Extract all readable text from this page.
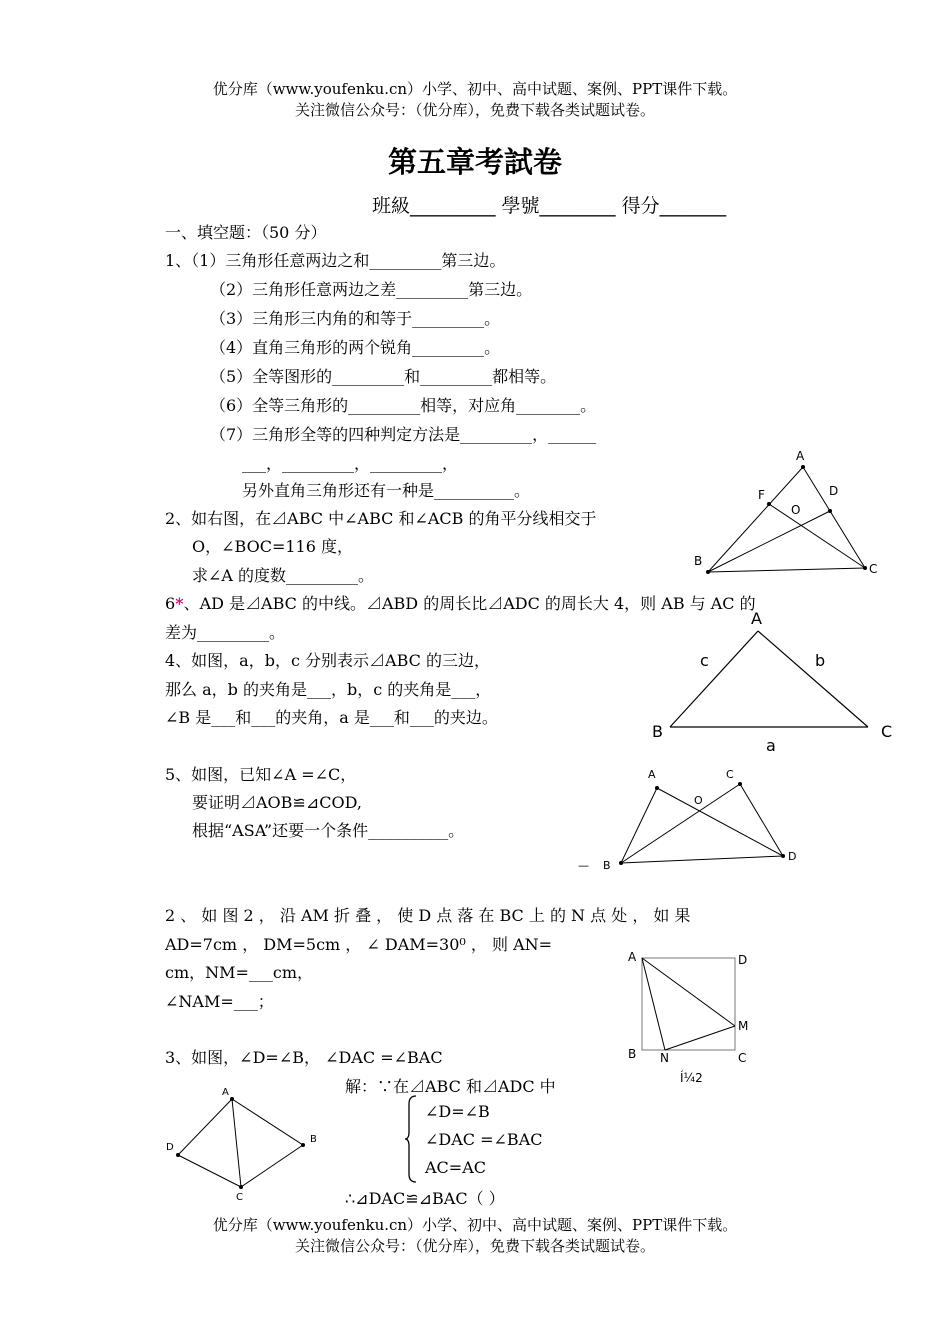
优分库（www.youfenku.cn）小学、初中、高中试题、案例、PPT课件下载。
关注微信公众号：（优分库），免费下载各类试题试卷。
第五章考試卷
班級_________ 學號________ 得分_______
一、填空题：（50 分）
1、（1）三角形任意两边之和_________第三边。
（2）三角形任意两边之差_________第三边。
（3）三角形三内角的和等于_________。
（4）直角三角形的两个锐角_________。
（5）全等图形的_________和_________都相等。
（6）全等三角形的_________相等，对应角________。
（7）三角形全等的四种判定方法是_________，______
___，_________，_________，
另外直角三角形还有一种是__________。
2、如右图，在⊿ABC 中∠ABC 和∠ACB 的角平分线相交于
O，∠BOC=116 度，
求∠A 的度数_________。
6*、AD 是⊿ABC 的中线。⊿ABD 的周长比⊿ADC 的周长大 4，则 AB 与 AC 的
差为_________。
4、如图，a，b，c 分别表示⊿ABC 的三边，
那么 a，b 的夹角是___，b，c 的夹角是___，
∠B 是___和___的夹角，a 是___和___的夹边。
5、如图，已知∠A =∠C，
要证明⊿AOB≌⊿COD,
根据“ASA”还要一个条件__________。
2 、 如 图 2 ， 沿 AM 折 叠 ， 使 D 点 落 在 BC 上 的 N 点 处 ， 如 果
AD=7cm ， DM=5cm ， ∠ DAM=30⁰ ， 则 AN=
cm，NM=___cm，
∠NAM=___；
3、如图，∠D=∠B， ∠DAC =∠BAC
解：∵在⊿ABC 和⊿ADC 中
∠D=∠B
∠DAC =∠BAC
AC=AC
∴⊿DAC≌⊿BAC（ ）
优分库（www.youfenku.cn）小学、初中、高中试题、案例、PPT课件下载。
关注微信公众号：（优分库），免费下载各类试题试卷。
A
F	D
O
B
C
A
c	b
B	C
a
A	C
O
B
D
—
A	D
M
B N	C
Í¼2
A
D
B
C
